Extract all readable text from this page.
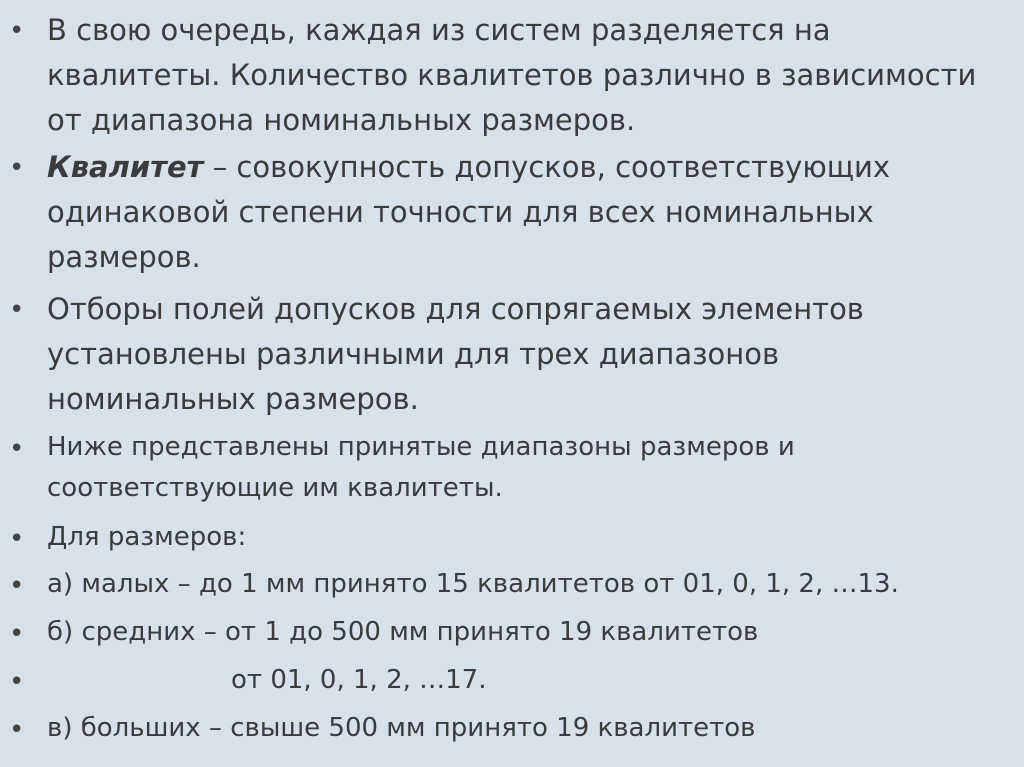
• В свою очередь, каждая из систем разделяется на
квалитеты. Количество квалитетов различно в зависимости
от диапазона номинальных размеров.
• Квалитет – совокупность допусков, соответствующих
одинаковой степени точности для всех номинальных
размеров.
• Отборы полей допусков для сопрягаемых элементов
установлены различными для трех диапазонов
номинальных размеров.
• Ниже представлены принятые диапазоны размеров и
соответствующие им квалитеты.
• Для размеров:
• а) малых – до 1 мм принято 15 квалитетов от 01, 0, 1, 2, …13.
• б) средних – от 1 до 500 мм принято 19 квалитетов
•	от 01, 0, 1, 2, …17.
• в) больших – свыше 500 мм принято 19 квалитетов
